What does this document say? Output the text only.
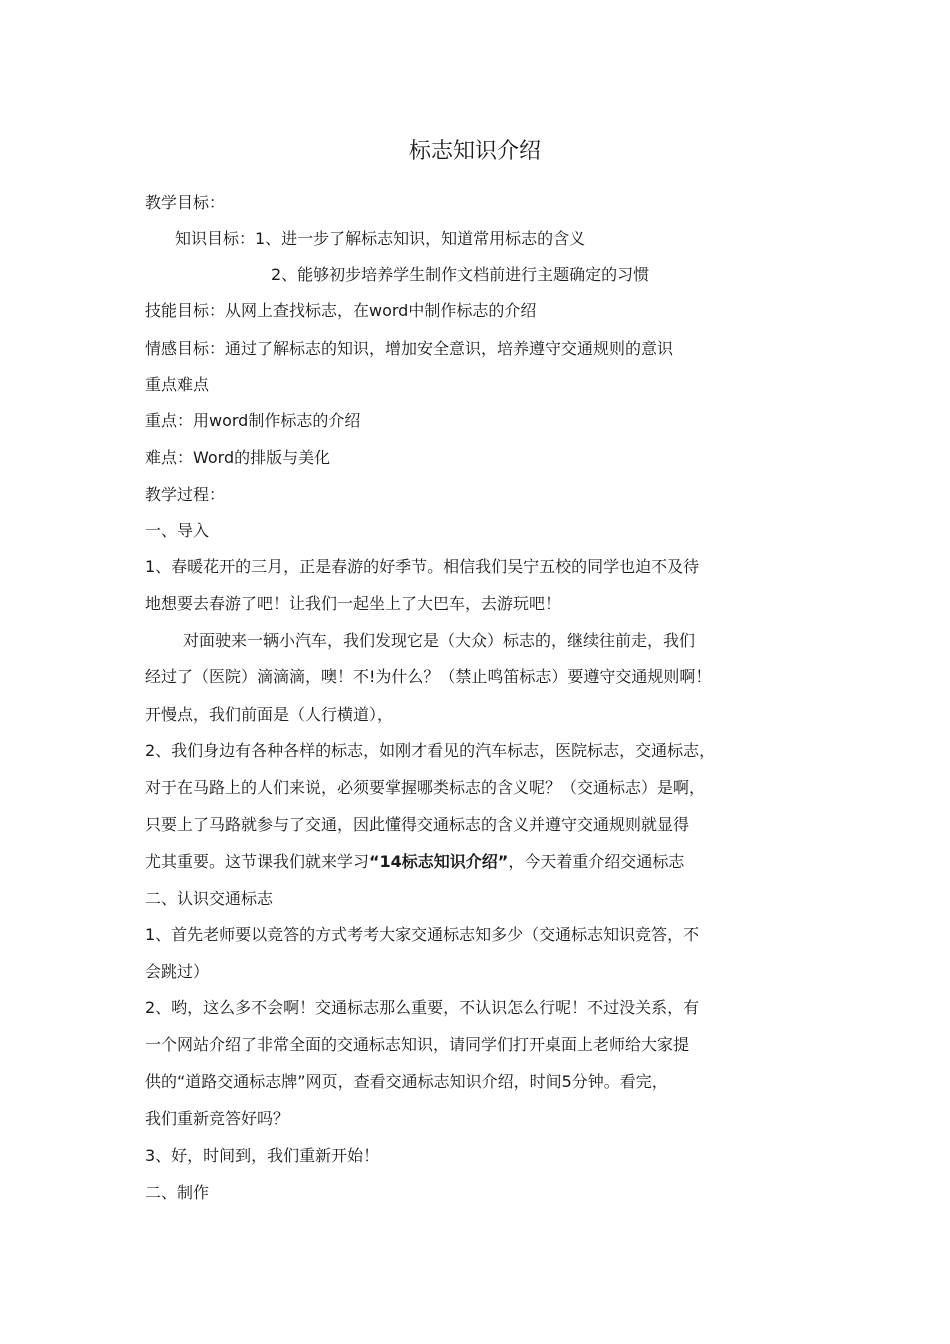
标志知识介绍
教学目标：
知识目标：1、进一步了解标志知识，知道常用标志的含义
2、能够初步培养学生制作文档前进行主题确定的习惯
技能目标：从网上查找标志，在word中制作标志的介绍
情感目标：通过了解标志的知识，增加安全意识，培养遵守交通规则的意识
重点难点
重点：用word制作标志的介绍
难点：Word的排版与美化
教学过程：
一、导入
1、春暖花开的三月，正是春游的好季节。相信我们吴宁五校的同学也迫不及待
地想要去春游了吧！让我们一起坐上了大巴车，去游玩吧！
对面驶来一辆小汽车，我们发现它是（大众）标志的，继续往前走，我们
经过了（医院）滴滴滴，噢！不!为什么？（禁止鸣笛标志）要遵守交通规则啊！
开慢点，我们前面是（人行横道），
2、我们身边有各种各样的标志，如刚才看见的汽车标志，医院标志，交通标志，
对于在马路上的人们来说，必须要掌握哪类标志的含义呢？（交通标志）是啊，
只要上了马路就参与了交通，因此懂得交通标志的含义并遵守交通规则就显得
尤其重要。这节课我们就来学习“14标志知识介绍”，今天着重介绍交通标志
二、认识交通标志
1、首先老师要以竞答的方式考考大家交通标志知多少（交通标志知识竞答，不
会跳过）
2、哟，这么多不会啊！交通标志那么重要，不认识怎么行呢！不过没关系，有
一个网站介绍了非常全面的交通标志知识，请同学们打开桌面上老师给大家提
供的“道路交通标志牌”网页，查看交通标志知识介绍，时间5分钟。看完，
我们重新竞答好吗？
3、好，时间到，我们重新开始！
二、制作
